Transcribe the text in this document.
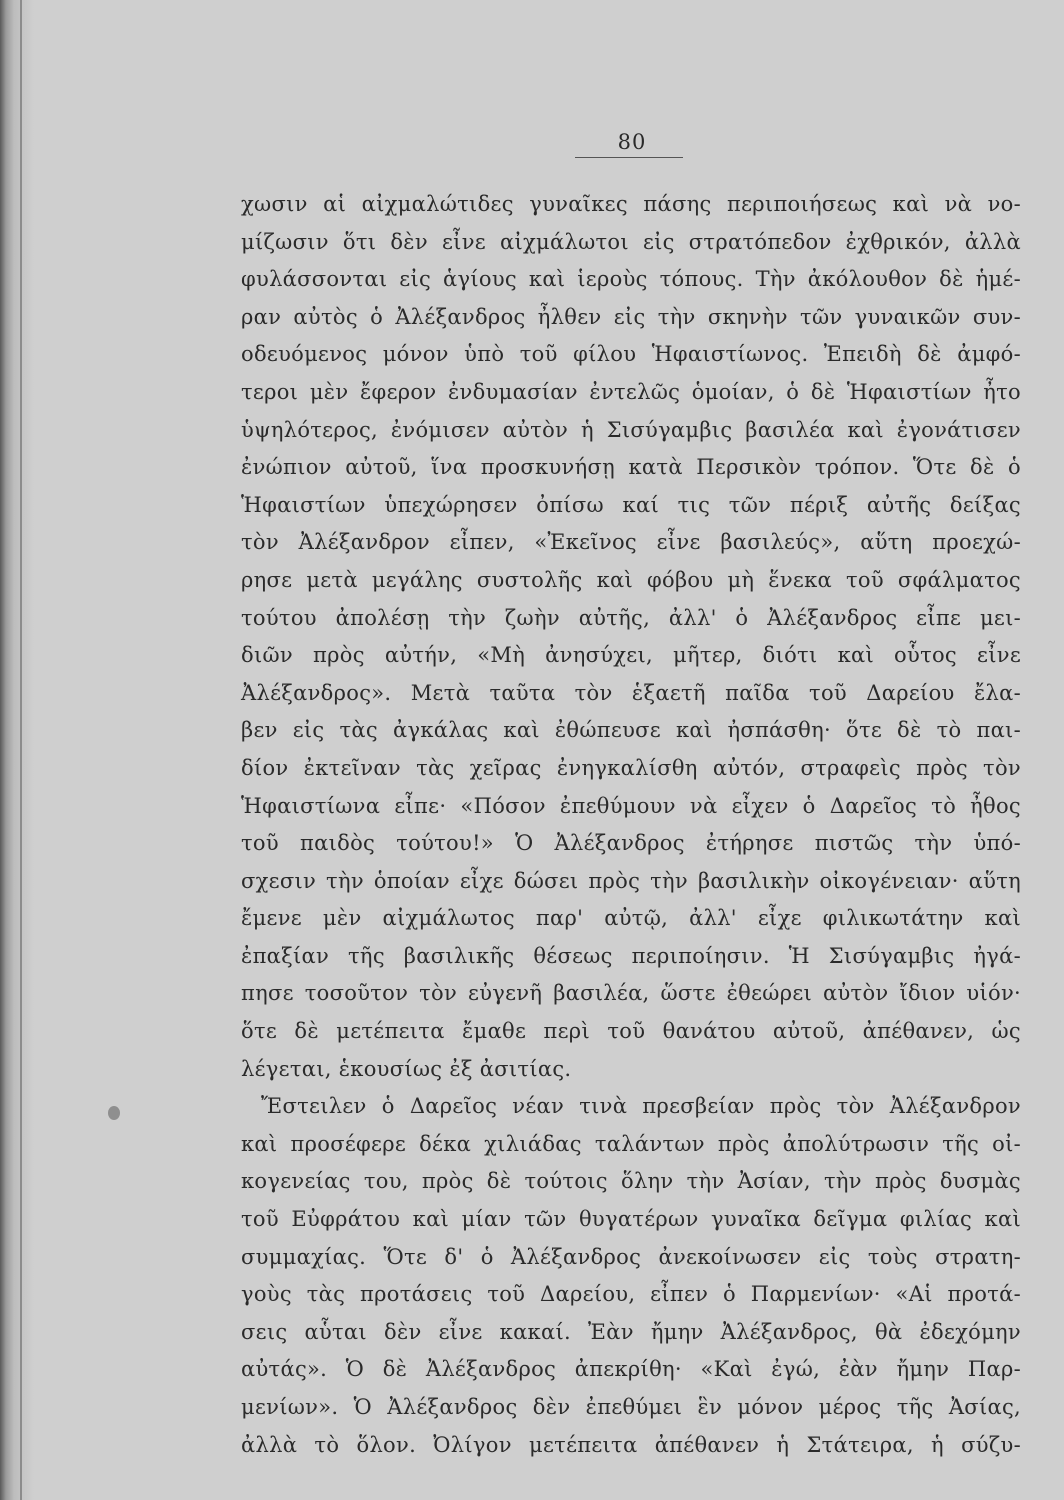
80
χωσιν αἱ αἰχμαλώτιδες γυναῖκες πάσης περιποιήσεως καὶ νὰ νο-
μίζωσιν ὅτι δὲν εἶνε αἰχμάλωτοι εἰς στρατόπεδον ἐχθρικόν, ἀλλὰ
φυλάσσονται εἰς ἁγίους καὶ ἱεροὺς τόπους. Τὴν ἀκόλουθον δὲ ἡμέ-
ραν αὐτὸς ὁ Ἀλέξανδρος ἦλθεν εἰς τὴν σκηνὴν τῶν γυναικῶν συν-
οδευόμενος μόνον ὑπὸ τοῦ φίλου Ἡφαιστίωνος. Ἐπειδὴ δὲ ἀμφό-
τεροι μὲν ἔφερον ἐνδυμασίαν ἐντελῶς ὁμοίαν, ὁ δὲ Ἡφαιστίων ἦτο
ὑψηλότερος, ἐνόμισεν αὐτὸν ἡ Σισύγαμβις βασιλέα καὶ ἐγονάτισεν
ἐνώπιον αὐτοῦ, ἵνα προσκυνήσῃ κατὰ Περσικὸν τρόπον. Ὅτε δὲ ὁ
Ἡφαιστίων ὑπεχώρησεν ὀπίσω καί τις τῶν πέριξ αὐτῆς δείξας
τὸν Ἀλέξανδρον εἶπεν, «Ἐκεῖνος εἶνε βασιλεύς», αὕτη προεχώ-
ρησε μετὰ μεγάλης συστολῆς καὶ φόβου μὴ ἕνεκα τοῦ σφάλματος
τούτου ἀπολέσῃ τὴν ζωὴν αὐτῆς, ἀλλ' ὁ Ἀλέξανδρος εἶπε μει-
διῶν πρὸς αὐτήν, «Μὴ ἀνησύχει, μῆτερ, διότι καὶ οὗτος εἶνε
Ἀλέξανδρος». Μετὰ ταῦτα τὸν ἑξαετῆ παῖδα τοῦ Δαρείου ἔλα-
βεν εἰς τὰς ἀγκάλας καὶ ἐθώπευσε καὶ ἠσπάσθη· ὅτε δὲ τὸ παι-
δίον ἐκτεῖναν τὰς χεῖρας ἐνηγκαλίσθη αὐτόν, στραφεὶς πρὸς τὸν
Ἡφαιστίωνα εἶπε· «Πόσον ἐπεθύμουν νὰ εἶχεν ὁ Δαρεῖος τὸ ἦθος
τοῦ παιδὸς τούτου!» Ὁ Ἀλέξανδρος ἐτήρησε πιστῶς τὴν ὑπό-
σχεσιν τὴν ὁποίαν εἶχε δώσει πρὸς τὴν βασιλικὴν οἰκογένειαν· αὕτη
ἔμενε μὲν αἰχμάλωτος παρ' αὐτῷ, ἀλλ' εἶχε φιλικωτάτην καὶ
ἐπαξίαν τῆς βασιλικῆς θέσεως περιποίησιν. Ἡ Σισύγαμβις ἠγά-
πησε τοσοῦτον τὸν εὐγενῆ βασιλέα, ὥστε ἐθεώρει αὐτὸν ἴδιον υἱόν·
ὅτε δὲ μετέπειτα ἔμαθε περὶ τοῦ θανάτου αὐτοῦ, ἀπέθανεν, ὡς
λέγεται, ἑκουσίως ἐξ ἀσιτίας.
Ἔστειλεν ὁ Δαρεῖος νέαν τινὰ πρεσβείαν πρὸς τὸν Ἀλέξανδρον
καὶ προσέφερε δέκα χιλιάδας ταλάντων πρὸς ἀπολύτρωσιν τῆς οἰ-
κογενείας του, πρὸς δὲ τούτοις ὅλην τὴν Ἀσίαν, τὴν πρὸς δυσμὰς
τοῦ Εὐφράτου καὶ μίαν τῶν θυγατέρων γυναῖκα δεῖγμα φιλίας καὶ
συμμαχίας. Ὅτε δ' ὁ Ἀλέξανδρος ἀνεκοίνωσεν εἰς τοὺς στρατη-
γοὺς τὰς προτάσεις τοῦ Δαρείου, εἶπεν ὁ Παρμενίων· «Αἱ προτά-
σεις αὗται δὲν εἶνε κακαί. Ἐὰν ἤμην Ἀλέξανδρος, θὰ ἐδεχόμην
αὐτάς». Ὁ δὲ Ἀλέξανδρος ἀπεκρίθη· «Καὶ ἐγώ, ἐὰν ἤμην Παρ-
μενίων». Ὁ Ἀλέξανδρος δὲν ἐπεθύμει ἓν μόνον μέρος τῆς Ἀσίας,
ἀλλὰ τὸ ὅλον. Ὀλίγον μετέπειτα ἀπέθανεν ἡ Στάτειρα, ἡ σύζυ-
